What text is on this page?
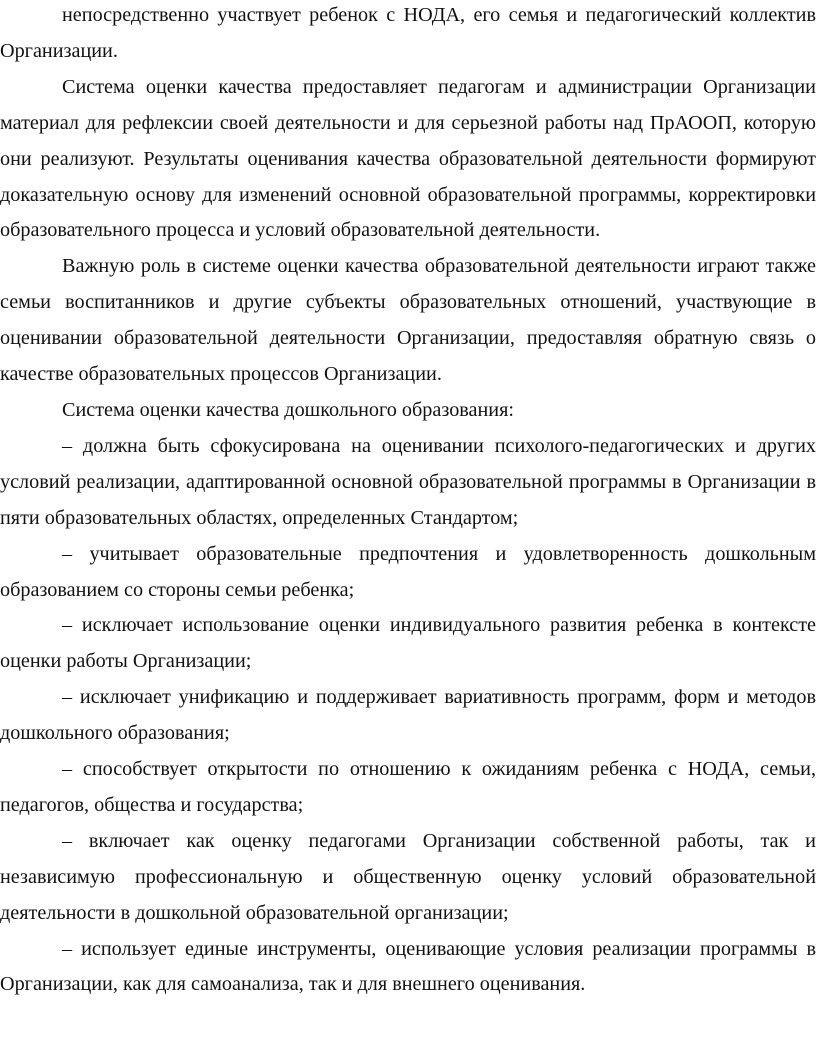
непосредственно участвует ребенок с НОДА, его семья и педагогический коллектив Организации.

Система оценки качества предоставляет педагогам и администрации Организации материал для рефлексии своей деятельности и для серьезной работы над ПрАООП, которую они реализуют. Результаты оценивания качества образовательной деятельности формируют доказательную основу для изменений основной образовательной программы, корректировки образовательного процесса и условий образовательной деятельности.

Важную роль в системе оценки качества образовательной деятельности играют также семьи воспитанников и другие субъекты образовательных отношений, участвующие в оценивании образовательной деятельности Организации, предоставляя обратную связь о качестве образовательных процессов Организации.

Система оценки качества дошкольного образования:

– должна быть сфокусирована на оценивании психолого-педагогических и других условий реализации, адаптированной основной образовательной программы в Организации в пяти образовательных областях, определенных Стандартом;

– учитывает образовательные предпочтения и удовлетворенность дошкольным образованием со стороны семьи ребенка;

– исключает использование оценки индивидуального развития ребенка в контексте оценки работы Организации;

– исключает унификацию и поддерживает вариативность программ, форм и методов дошкольного образования;

– способствует открытости по отношению к ожиданиям ребенка с НОДА, семьи, педагогов, общества и государства;

– включает как оценку педагогами Организации собственной работы, так и независимую профессиональную и общественную оценку условий образовательной деятельности в дошкольной образовательной организации;

– использует единые инструменты, оценивающие условия реализации программы в Организации, как для самоанализа, так и для внешнего оценивания.
